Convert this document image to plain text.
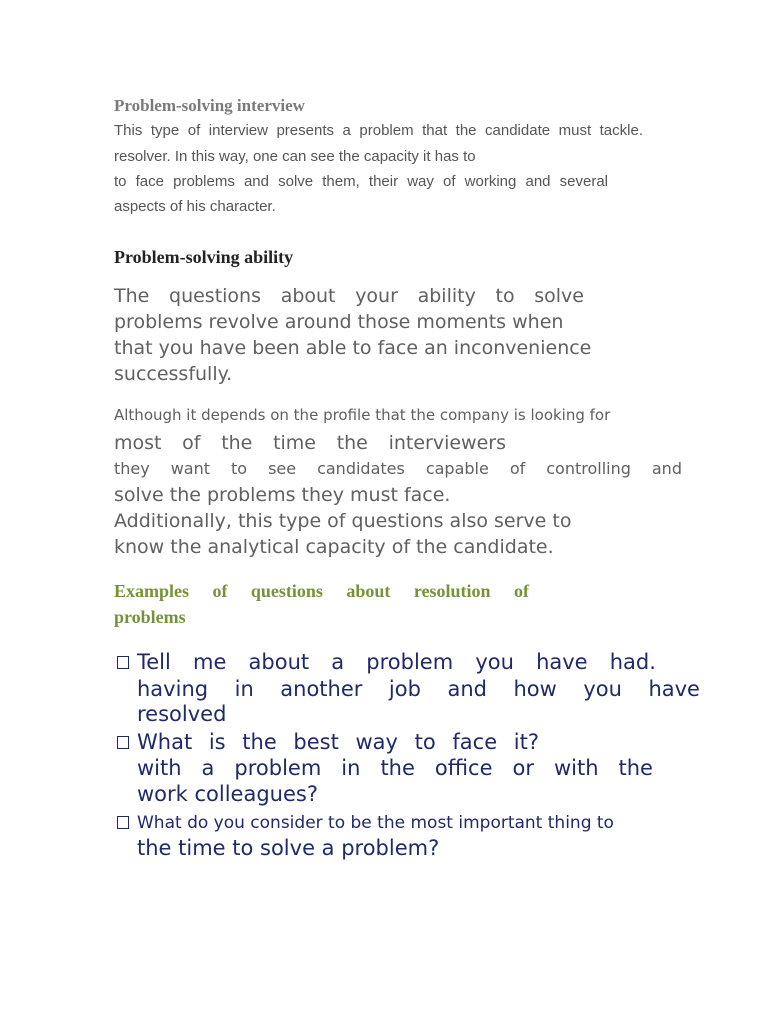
Problem-solving interview
This type of interview presents a problem that the candidate must tackle.
resolver. In this way, one can see the capacity it has to
to face problems and solve them, their way of working and several
aspects of his character.
Problem-solving ability
The questions about your ability to solve
problems revolve around those moments when
that you have been able to face an inconvenience
successfully.
Although it depends on the profile that the company is looking for
most of the time the interviewers
they want to see candidates capable of controlling and
solve the problems they must face.
Additionally, this type of questions also serve to
know the analytical capacity of the candidate.
Examples of questions about resolution of
problems
Tell me about a problem you have had.
having in another job and how you have
resolved
What is the best way to face it?
with a problem in the office or with the
work colleagues?
What do you consider to be the most important thing to
the time to solve a problem?
